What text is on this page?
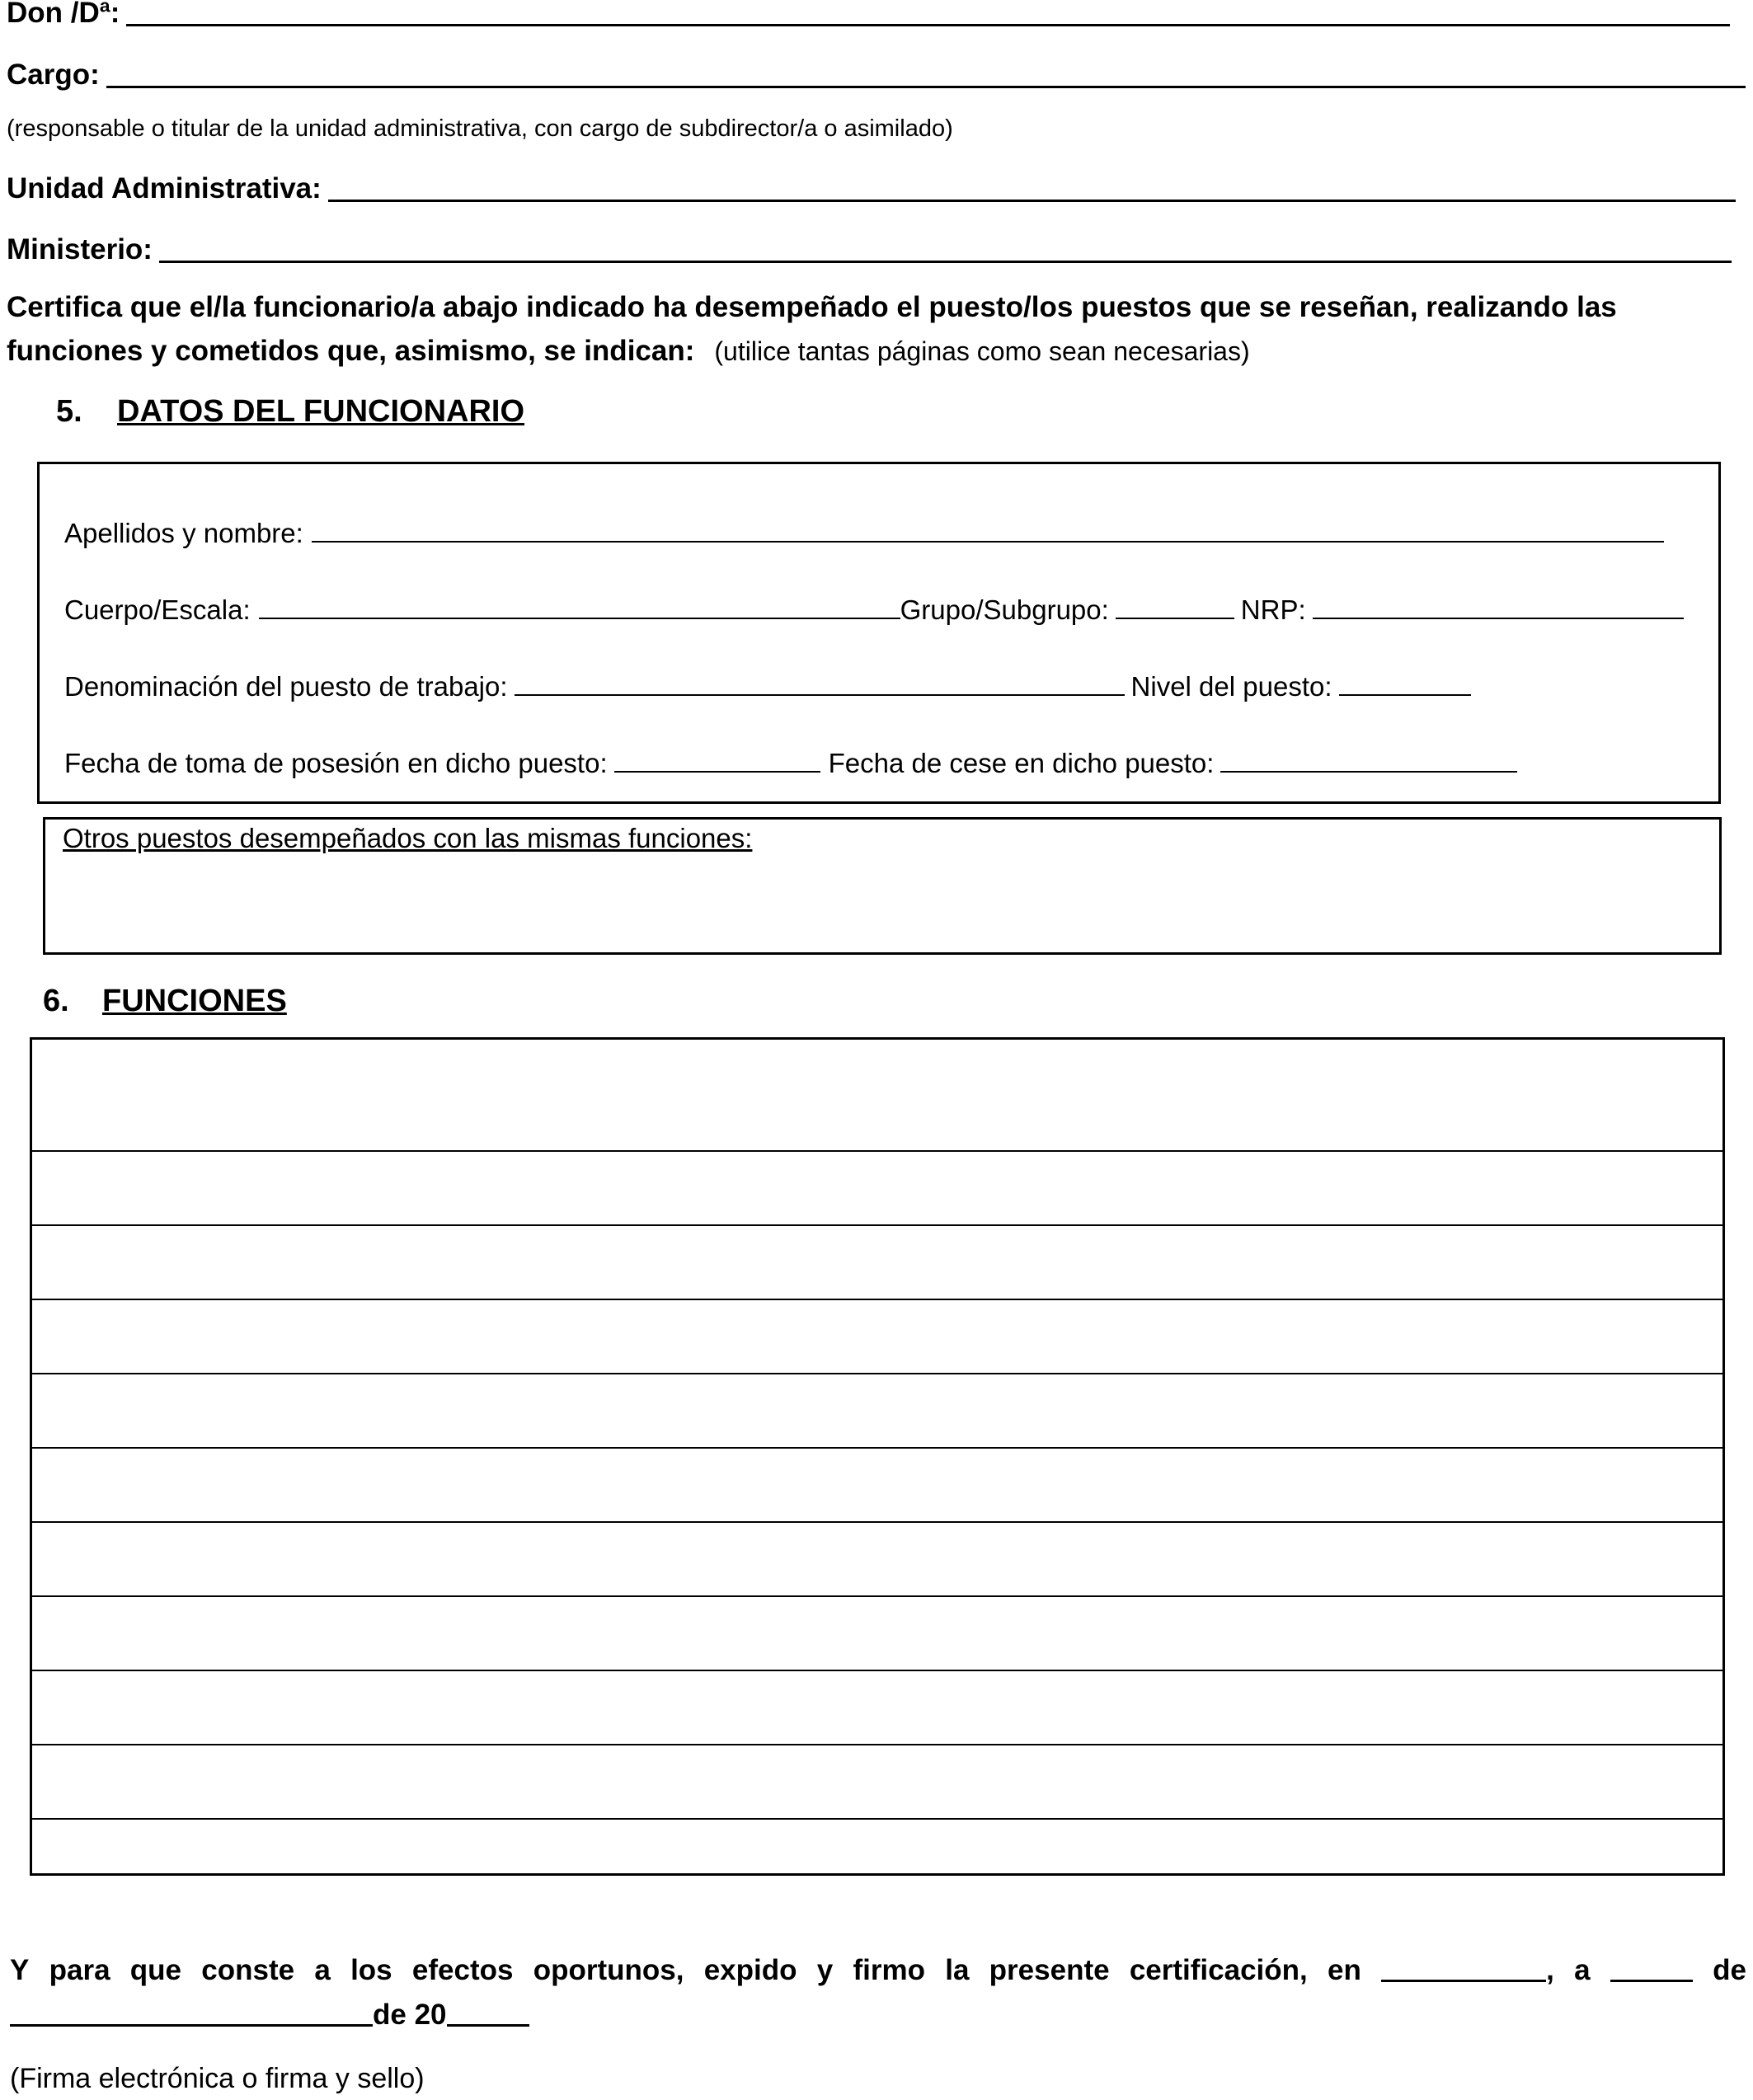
Don /Dª:
Cargo:
(responsable o titular de la unidad administrativa, con cargo de subdirector/a o asimilado)
Unidad Administrativa:
Ministerio:
Certifica que el/la funcionario/a abajo indicado ha desempeñado el puesto/los puestos que se reseñan, realizando las
funciones y cometidos que, asimismo, se indican: (utilice tantas páginas como sean necesarias)
5. DATOS DEL FUNCIONARIO
Apellidos y nombre:
Cuerpo/Escala:	Grupo/Subgrupo:	NRP:
Denominación del puesto de trabajo:	Nivel del puesto:
Fecha de toma de posesión en dicho puesto:	Fecha de cese en dicho puesto:
Otros puestos desempeñados con las mismas funciones:
6. FUNCIONES
Y para que conste a los efectos oportunos, expido y firmo la presente certificación, en	, a	de
de 20
(Firma electrónica o firma y sello)
